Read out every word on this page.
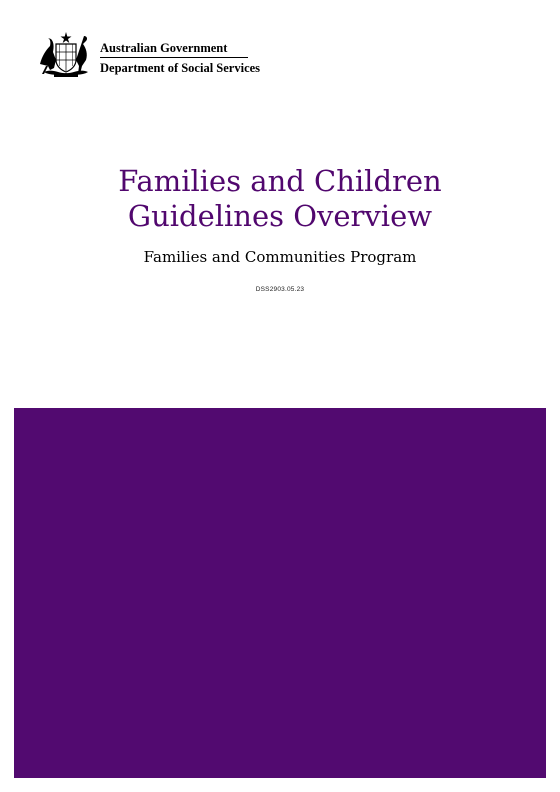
Australian Government
Department of Social Services
Families and Children
Guidelines Overview
Families and Communities Program
DSS2903.05.23
